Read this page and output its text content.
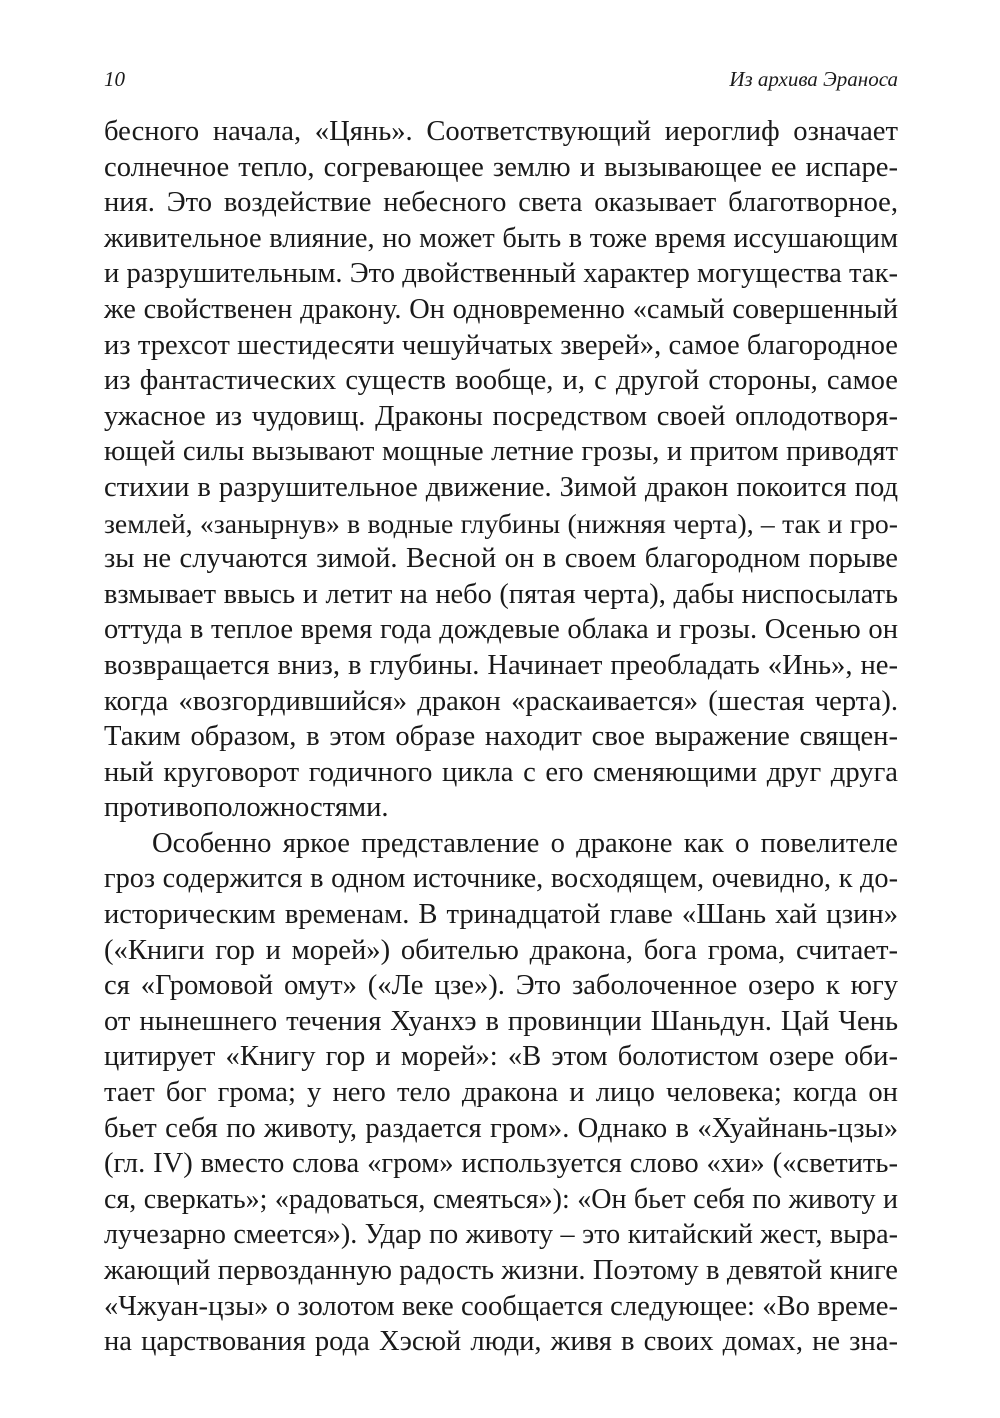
10	Из архива Эраноса
бесного начала, «Цянь». Соответствующий иероглиф означает
солнечное тепло, согревающее землю и вызывающее ее испаре-
ния. Это воздействие небесного света оказывает благотворное,
живительное влияние, но может быть в тоже время иссушающим
и разрушительным. Это двойственный характер могущества так-
же свойственен дракону. Он одновременно «самый совершенный
из трехсот шестидесяти чешуйчатых зверей», самое благородное
из фантастических существ вообще, и, с другой стороны, самое
ужасное из чудовищ. Драконы посредством своей оплодотворя-
ющей силы вызывают мощные летние грозы, и притом приводят
стихии в разрушительное движение. Зимой дракон покоится под
землей, «занырнув» в водные глубины (нижняя черта), – так и гро-
зы не случаются зимой. Весной он в своем благородном порыве
взмывает ввысь и летит на небо (пятая черта), дабы ниспосылать
оттуда в теплое время года дождевые облака и грозы. Осенью он
возвращается вниз, в глубины. Начинает преобладать «Инь», не-
когда «возгордившийся» дракон «раскаивается» (шестая черта).
Таким образом, в этом образе находит свое выражение священ-
ный круговорот годичного цикла с его сменяющими друг друга
противоположностями.
Особенно яркое представление о драконе как о повелителе
гроз содержится в одном источнике, восходящем, очевидно, к до-
историческим временам. В тринадцатой главе «Шань хай цзин»
(«Книги гор и морей») обителью дракона, бога грома, считает-
ся «Громовой омут» («Ле цзе»). Это заболоченное озеро к югу
от нынешнего течения Хуанхэ в провинции Шаньдун. Цай Чень
цитирует «Книгу гор и морей»: «В этом болотистом озере оби-
тает бог грома; у него тело дракона и лицо человека; когда он
бьет себя по животу, раздается гром». Однако в «Хуайнань-цзы»
(гл. IV) вместо слова «гром» используется слово «хи» («светить-
ся, сверкать»; «радоваться, смеяться»): «Он бьет себя по животу и
лучезарно смеется»). Удар по животу – это китайский жест, выра-
жающий первозданную радость жизни. Поэтому в девятой книге
«Чжуан-цзы» о золотом веке сообщается следующее: «Во време-
на царствования рода Хэсюй люди, живя в своих домах, не зна-
